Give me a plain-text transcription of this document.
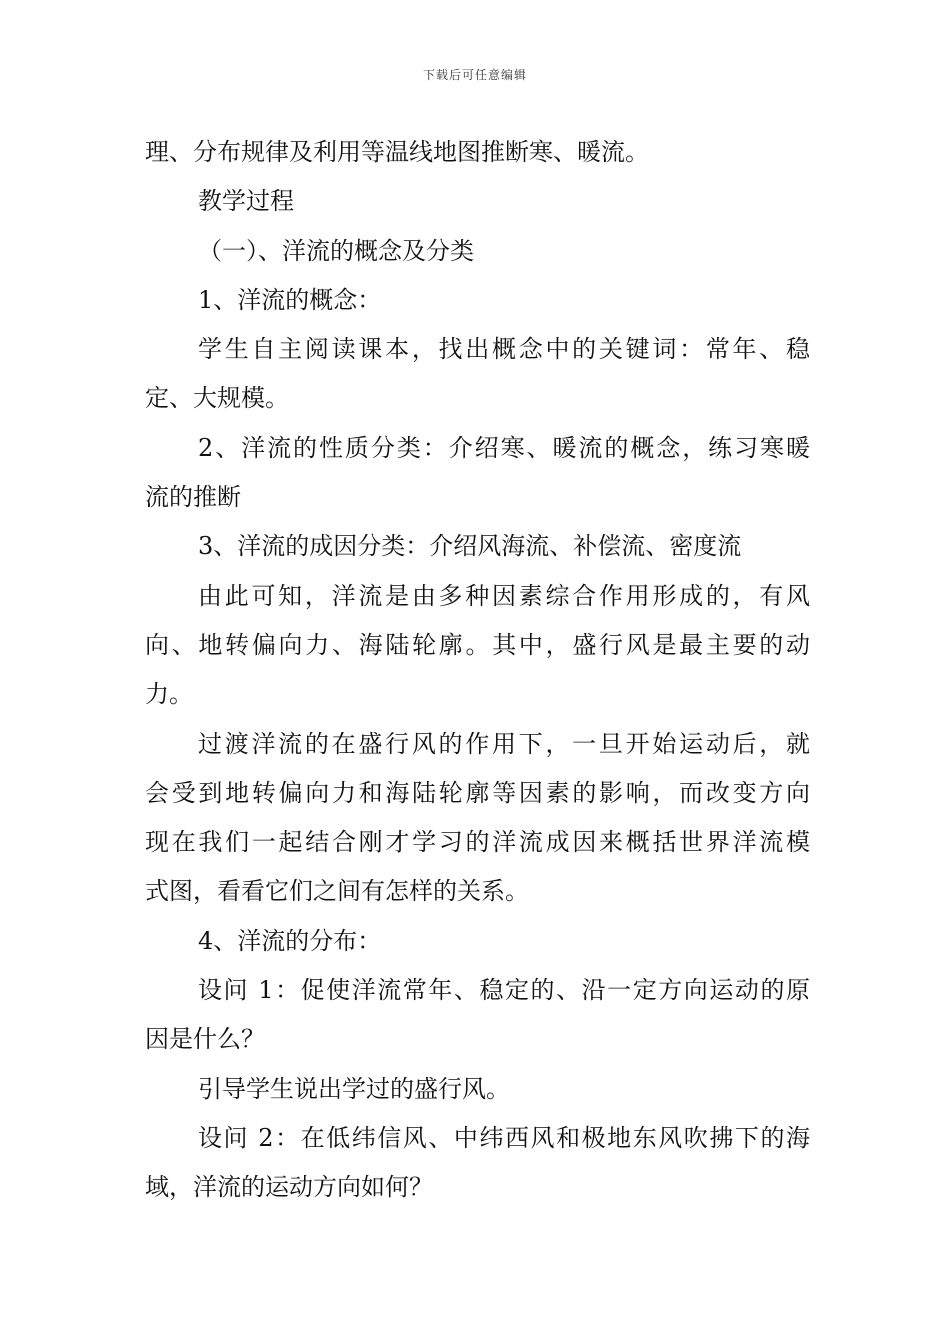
下载后可任意编辑
理、分布规律及利用等温线地图推断寒、暖流。
教学过程
（一）、洋流的概念及分类
1、洋流的概念：
学生自主阅读课本，找出概念中的关键词：常年、稳
定、大规模。
2、洋流的性质分类：介绍寒、暖流的概念，练习寒暖
流的推断
3、洋流的成因分类：介绍风海流、补偿流、密度流
由此可知，洋流是由多种因素综合作用形成的，有风
向、地转偏向力、海陆轮廓。其中，盛行风是最主要的动
力。
过渡洋流的在盛行风的作用下，一旦开始运动后，就
会受到地转偏向力和海陆轮廓等因素的影响，而改变方向
现在我们一起结合刚才学习的洋流成因来概括世界洋流模
式图，看看它们之间有怎样的关系。
4、洋流的分布：
设问 1：促使洋流常年、稳定的、沿一定方向运动的原
因是什么？
引导学生说出学过的盛行风。
设问 2：在低纬信风、中纬西风和极地东风吹拂下的海
域，洋流的运动方向如何？
